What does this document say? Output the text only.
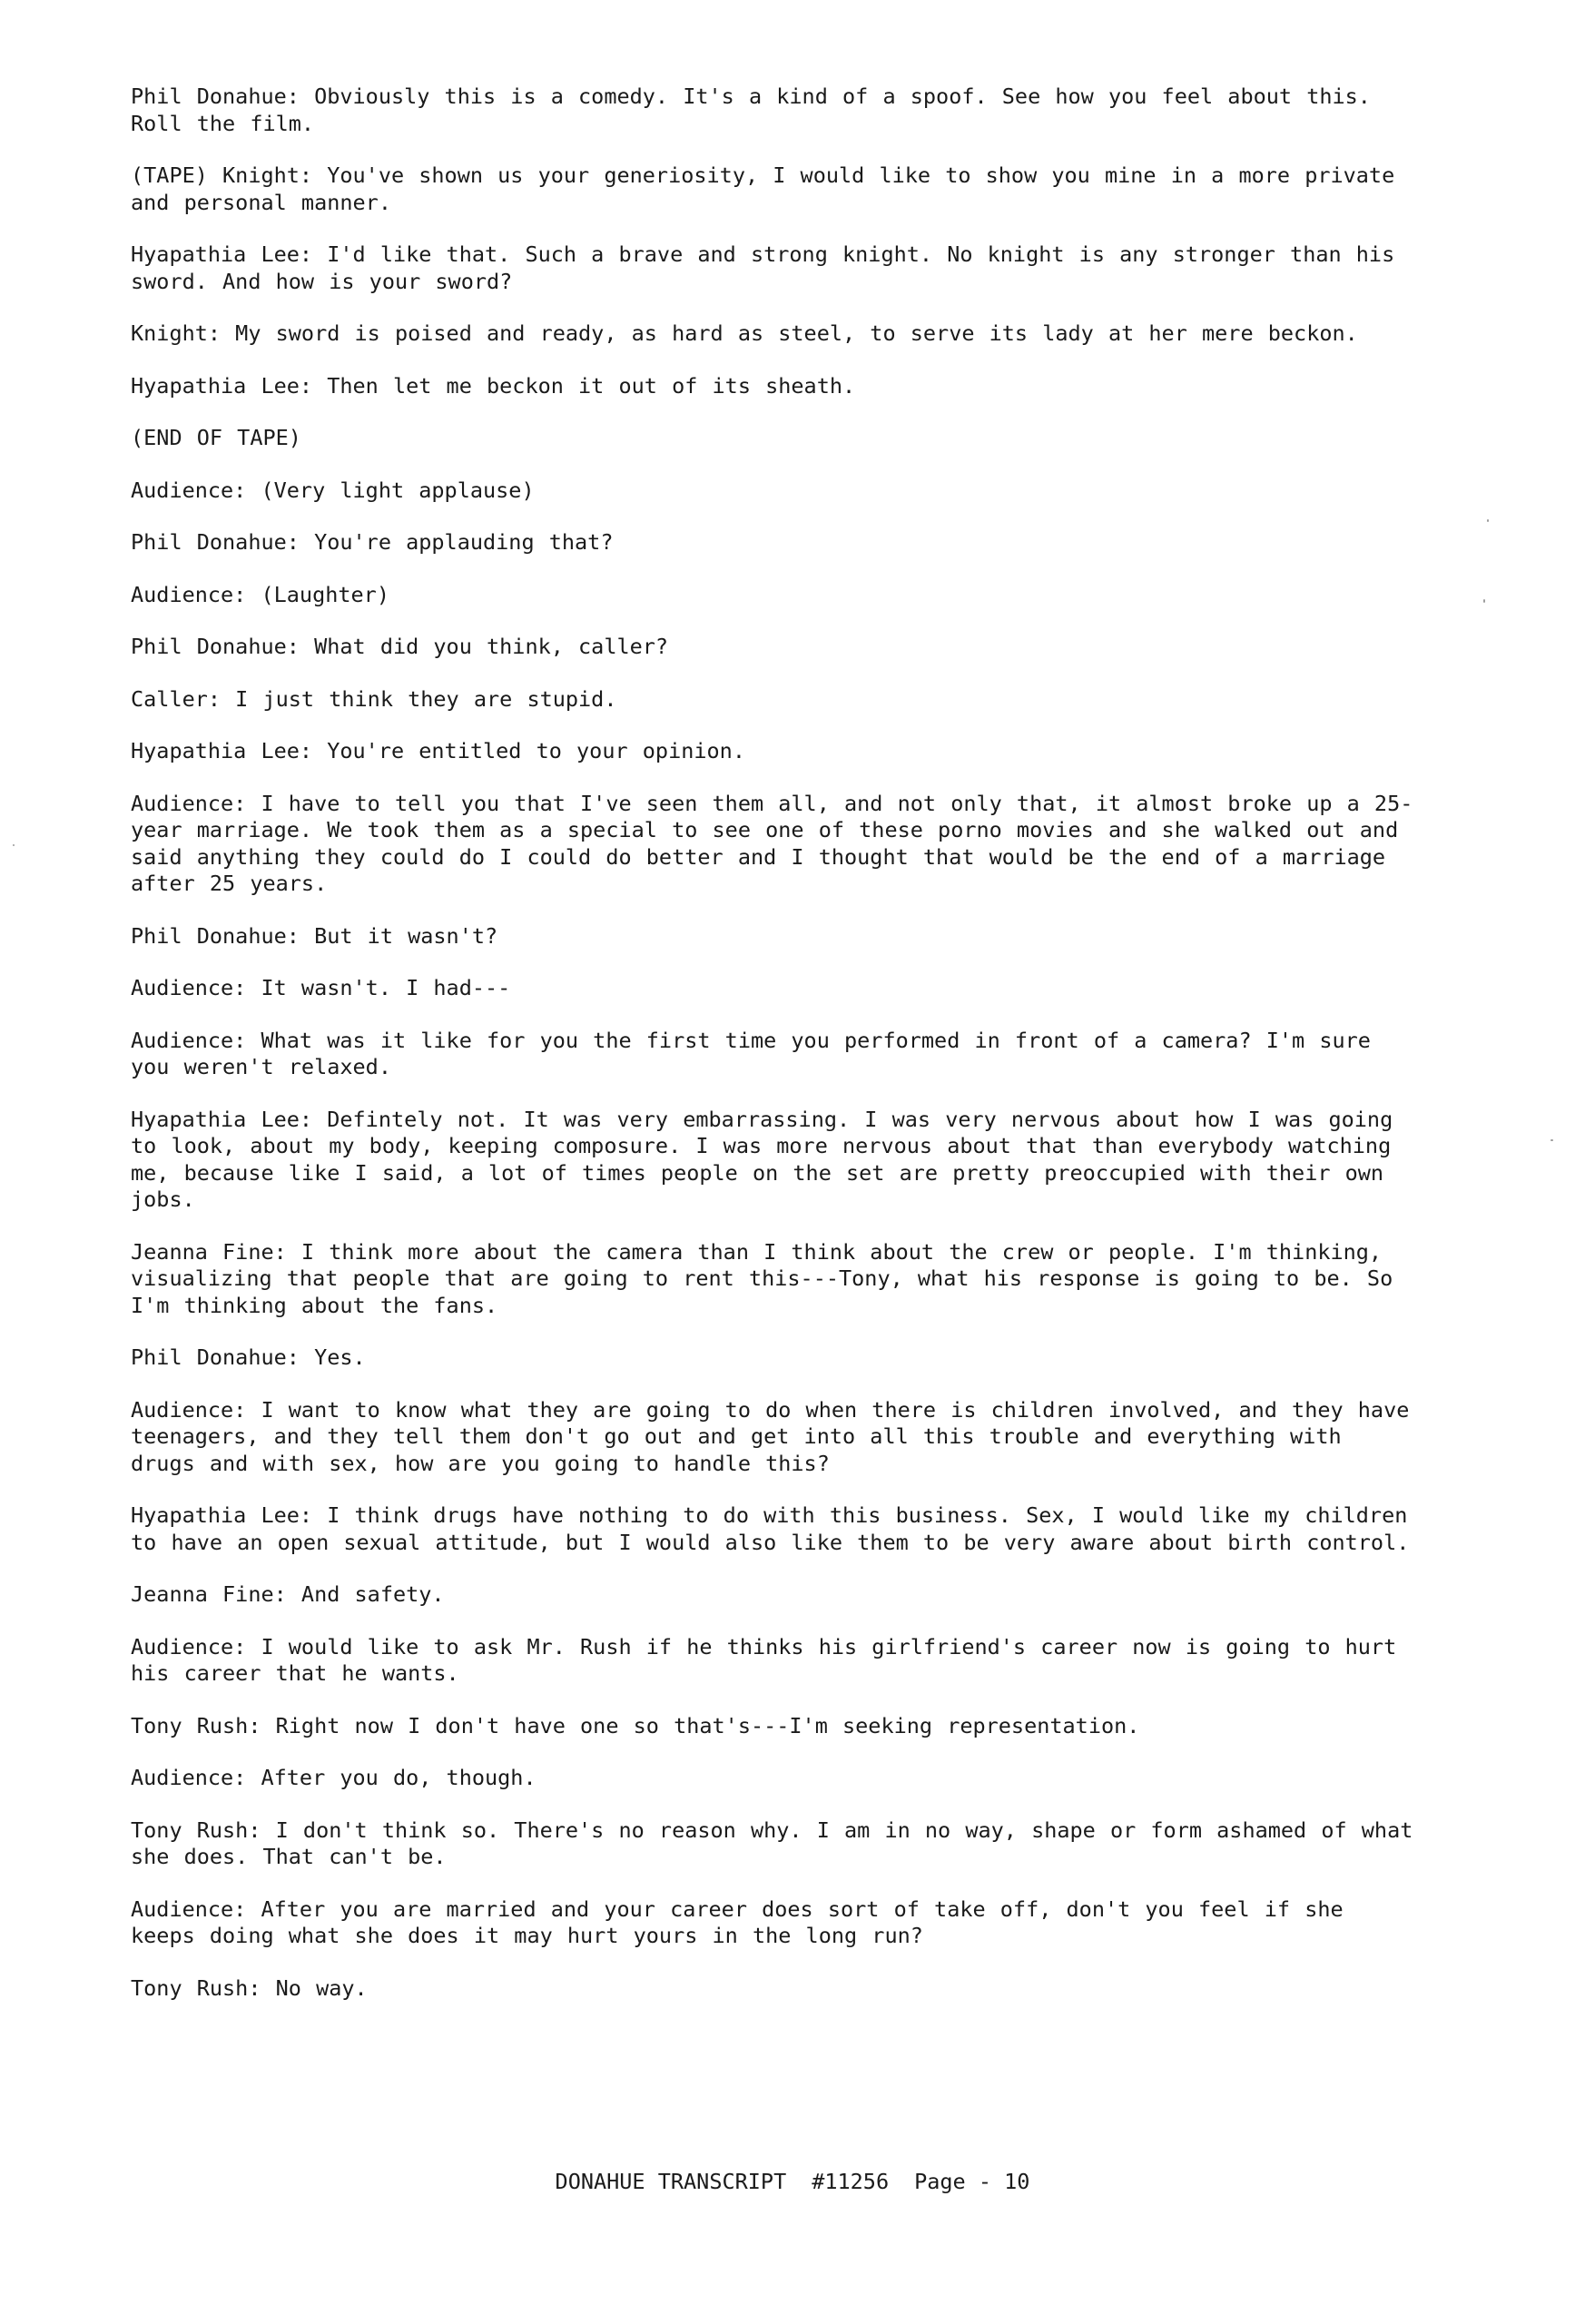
Phil Donahue: Obviously this is a comedy. It's a kind of a spoof. See how you feel about this. Roll the film.

(TAPE) Knight: You've shown us your generiosity, I would like to show you mine in a more private and personal manner.

Hyapathia Lee: I'd like that. Such a brave and strong knight. No knight is any stronger than his sword. And how is your sword?

Knight: My sword is poised and ready, as hard as steel, to serve its lady at her mere beckon.

Hyapathia Lee: Then let me beckon it out of its sheath.

(END OF TAPE)

Audience: (Very light applause)

Phil Donahue: You're applauding that?

Audience: (Laughter)

Phil Donahue: What did you think, caller?

Caller: I just think they are stupid.

Hyapathia Lee: You're entitled to your opinion.

Audience: I have to tell you that I've seen them all, and not only that, it almost broke up a 25-year marriage. We took them as a special to see one of these porno movies and she walked out and said anything they could do I could do better and I thought that would be the end of a marriage after 25 years.

Phil Donahue: But it wasn't?

Audience: It wasn't. I had---

Audience: What was it like for you the first time you performed in front of a camera? I'm sure you weren't relaxed.

Hyapathia Lee: Defintely not. It was very embarrassing. I was very nervous about how I was going to look, about my body, keeping composure. I was more nervous about that than everybody watching me, because like I said, a lot of times people on the set are pretty preoccupied with their own jobs.

Jeanna Fine: I think more about the camera than I think about the crew or people. I'm thinking, visualizing that people that are going to rent this---Tony, what his response is going to be. So I'm thinking about the fans.

Phil Donahue: Yes.

Audience: I want to know what they are going to do when there is children involved, and they have teenagers, and they tell them don't go out and get into all this trouble and everything with drugs and with sex, how are you going to handle this?

Hyapathia Lee: I think drugs have nothing to do with this business. Sex, I would like my children to have an open sexual attitude, but I would also like them to be very aware about birth control.

Jeanna Fine: And safety.

Audience: I would like to ask Mr. Rush if he thinks his girlfriend's career now is going to hurt his career that he wants.

Tony Rush: Right now I don't have one so that's---I'm seeking representation.

Audience: After you do, though.

Tony Rush: I don't think so. There's no reason why. I am in no way, shape or form ashamed of what she does. That can't be.

Audience: After you are married and your career does sort of take off, don't you feel if she keeps doing what she does it may hurt yours in the long run?

Tony Rush: No way.

DONAHUE TRANSCRIPT #11256 Page - 10
